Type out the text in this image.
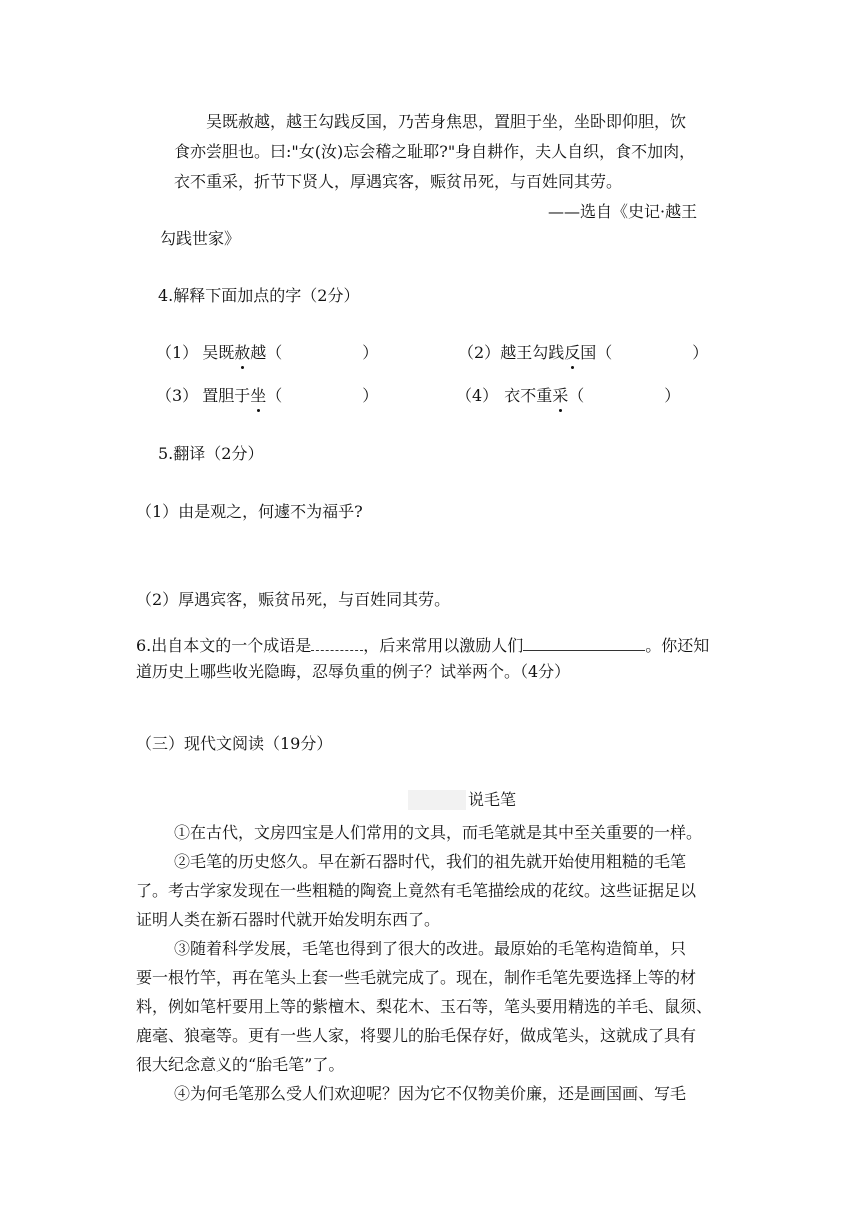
吴既赦越，越王勾践反国，乃苦身焦思，置胆于坐，坐卧即仰胆，饮
食亦尝胆也。曰:"女(汝)忘会稽之耻耶?"身自耕作，夫人自织，食不加肉，
衣不重采，折节下贤人，厚遇宾客，赈贫吊死，与百姓同其劳。
——选自《史记·越王
勾践世家》
4.解释下面加点的字（2分）
（1） 吴既赦越（	）	（2）越王勾践反国（	）
（3） 置胆于坐（	）	（4） 衣不重采（	）
5.翻译（2分）
（1）由是观之，何遽不为福乎?
（2）厚遇宾客，赈贫吊死，与百姓同其劳。
6.出自本文的一个成语是	，后来常用以激励人们	。你还知
道历史上哪些收光隐晦，忍辱负重的例子？试举两个。（4分）
（三）现代文阅读（19分）
说毛笔
①在古代，文房四宝是人们常用的文具，而毛笔就是其中至关重要的一样。
②毛笔的历史悠久。早在新石器时代，我们的祖先就开始使用粗糙的毛笔
了。考古学家发现在一些粗糙的陶瓷上竟然有毛笔描绘成的花纹。这些证据足以
证明人类在新石器时代就开始发明东西了。
③随着科学发展，毛笔也得到了很大的改进。最原始的毛笔构造简单，只
要一根竹竿，再在笔头上套一些毛就完成了。现在，制作毛笔先要选择上等的材
料，例如笔杆要用上等的紫檀木、梨花木、玉石等，笔头要用精选的羊毛、鼠须、
鹿毫、狼毫等。更有一些人家，将婴儿的胎毛保存好，做成笔头，这就成了具有
很大纪念意义的“胎毛笔”了。
④为何毛笔那么受人们欢迎呢？因为它不仅物美价廉，还是画国画、写毛
